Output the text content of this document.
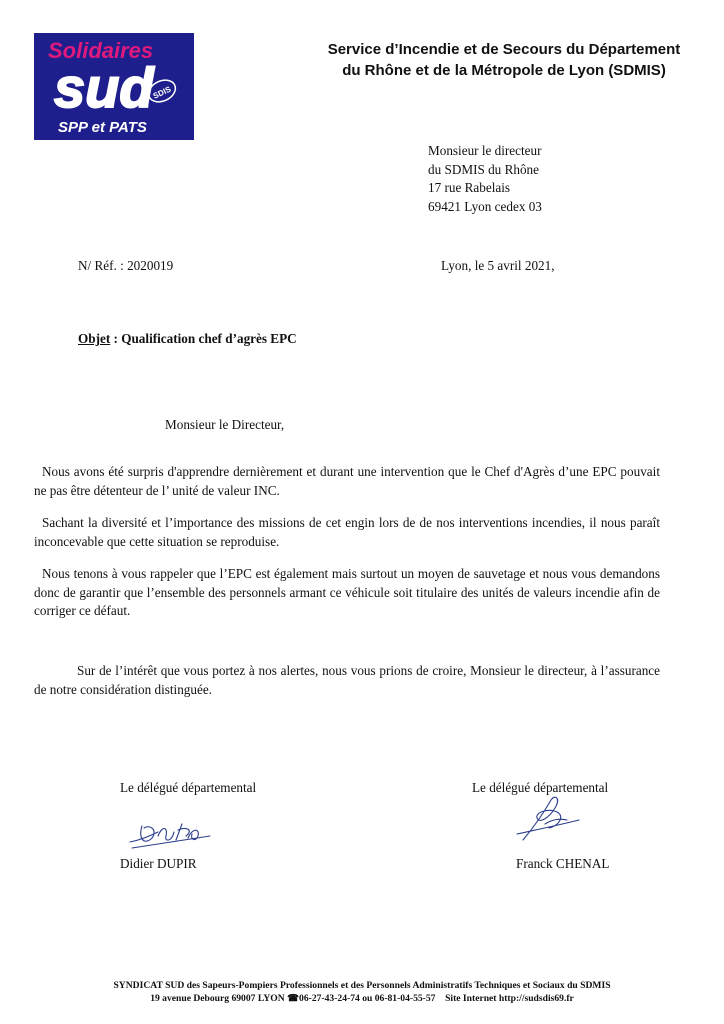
Solidaires
sud
SDIS
SPP et PATS
Service d’Incendie et de Secours du Département
du Rhône et de la Métropole de Lyon (SDMIS)
Monsieur le directeur
du SDMIS du Rhône
17 rue Rabelais
69421 Lyon cedex 03
N/ Réf. : 2020019	Lyon, le 5 avril 2021,
Objet : Qualification chef d’agrès EPC
Monsieur le Directeur,
Nous avons été surpris d'apprendre dernièrement et durant une intervention que le Chef d'Agrès d’une EPC pouvait ne pas être détenteur de l’ unité de valeur INC.
Sachant la diversité et l’importance des missions de cet engin lors de de nos interventions incendies, il nous paraît inconcevable que cette situation se reproduise.
Nous tenons à vous rappeler que l’EPC est également mais surtout un moyen de sauvetage et nous vous demandons donc de garantir que l’ensemble des personnels armant ce véhicule soit titulaire des unités de valeurs incendie afin de corriger ce défaut.
Sur de l’intérêt que vous portez à nos alertes, nous vous prions de croire, Monsieur le directeur, à l’assurance de notre considération distinguée.
Le délégué départemental	Le délégué départemental
Didier DUPIR	Franck CHENAL
SYNDICAT SUD des Sapeurs-Pompiers Professionnels et des Personnels Administratifs Techniques et Sociaux du SDMIS
19 avenue Debourg 69007 LYON ☎06-27-43-24-74 ou 06-81-04-55-57 Site Internet http://sudsdis69.fr
